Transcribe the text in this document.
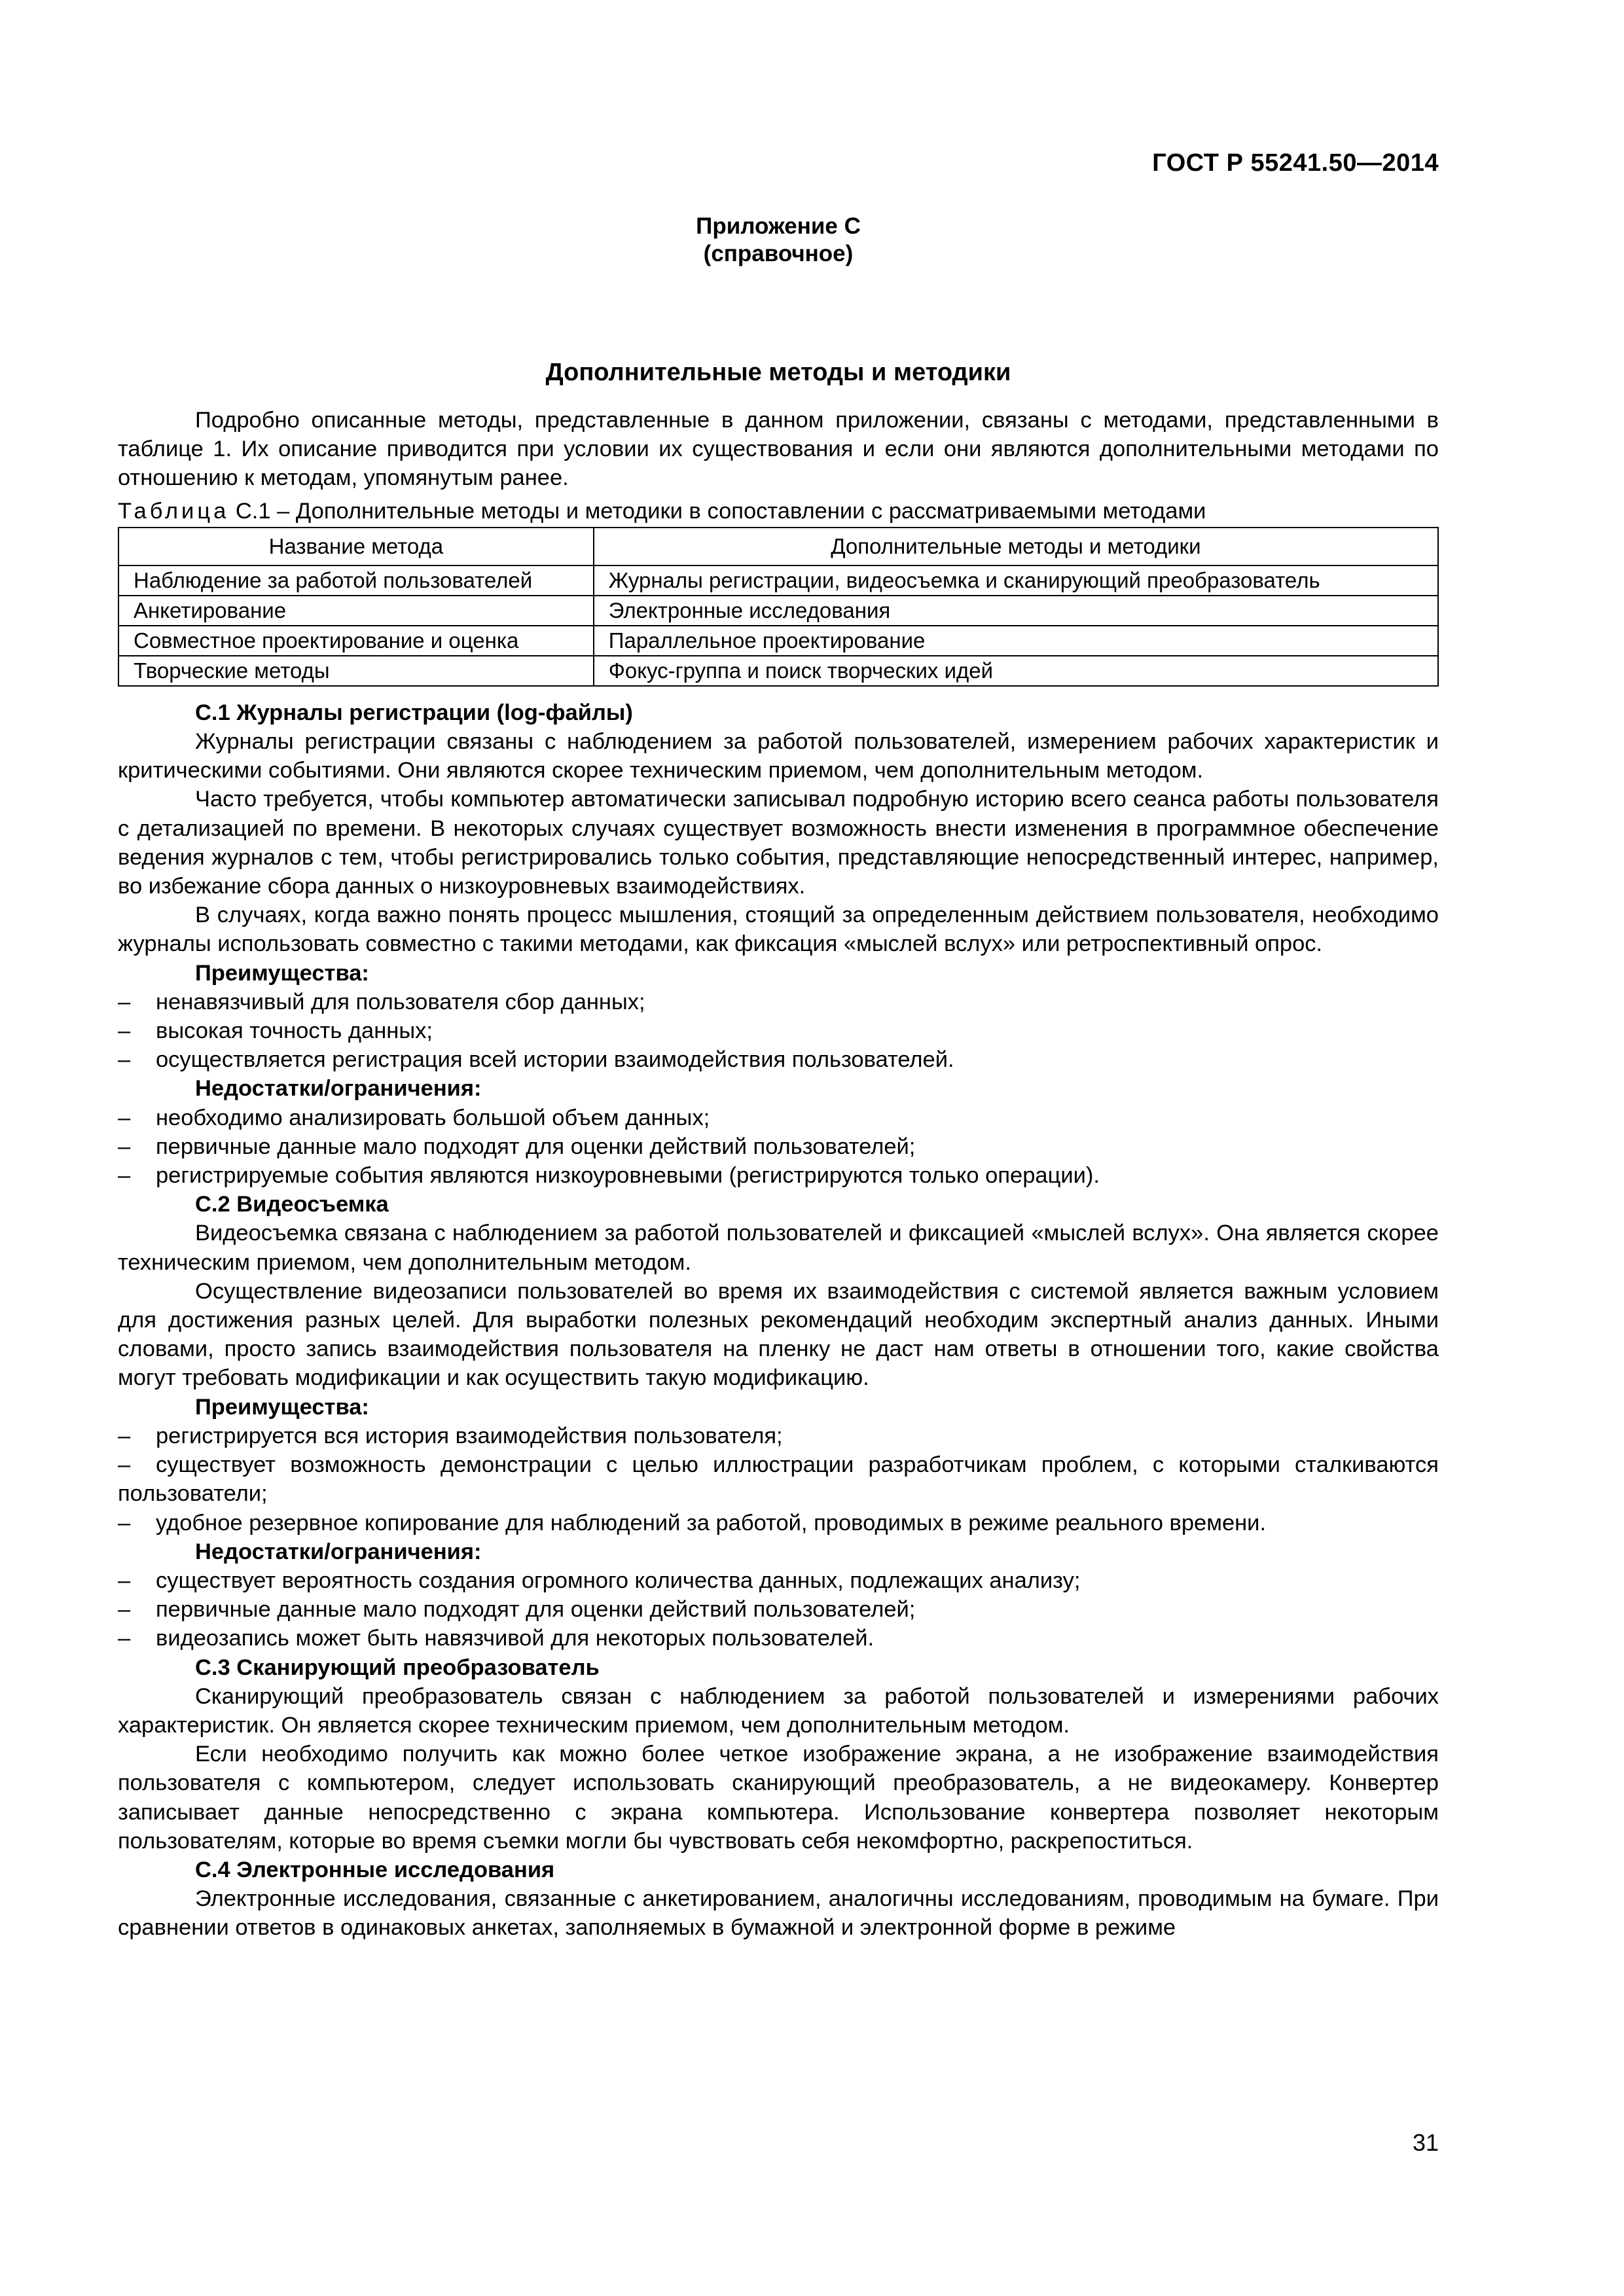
ГОСТ Р 55241.50—2014
Приложение С
(справочное)
Дополнительные методы и методики

Подробно описанные методы, представленные в данном приложении, связаны с методами, представленными в таблице 1. Их описание приводится при условии их существования и если они являются дополнительными методами по отношению к методам, упомянутым ранее.

Таблица С.1 – Дополнительные методы и методики в сопоставлении с рассматриваемыми методами

Название метода	Дополнительные методы и методики
Наблюдение за работой пользователей	Журналы регистрации, видеосъемка и сканирующий преобразователь
Анкетирование	Электронные исследования
Совместное проектирование и оценка	Параллельное проектирование
Творческие методы	Фокус-группа и поиск творческих идей

С.1 Журналы регистрации (log-файлы)

Журналы регистрации связаны с наблюдением за работой пользователей, измерением рабочих характеристик и критическими событиями. Они являются скорее техническим приемом, чем дополнительным методом.

Часто требуется, чтобы компьютер автоматически записывал подробную историю всего сеанса работы пользователя с детализацией по времени. В некоторых случаях существует возможность внести изменения в программное обеспечение ведения журналов с тем, чтобы регистрировались только события, представляющие непосредственный интерес, например, во избежание сбора данных о низкоуровневых взаимодействиях.

В случаях, когда важно понять процесс мышления, стоящий за определенным действием пользователя, необходимо журналы использовать совместно с такими методами, как фиксация «мыслей вслух» или ретроспективный опрос.

Преимущества:

– ненавязчивый для пользователя сбор данных;

– высокая точность данных;

– осуществляется регистрация всей истории взаимодействия пользователей.

Недостатки/ограничения:

– необходимо анализировать большой объем данных;

– первичные данные мало подходят для оценки действий пользователей;

– регистрируемые события являются низкоуровневыми (регистрируются только операции).

С.2 Видеосъемка

Видеосъемка связана с наблюдением за работой пользователей и фиксацией «мыслей вслух». Она является скорее техническим приемом, чем дополнительным методом.

Осуществление видеозаписи пользователей во время их взаимодействия с системой является важным условием для достижения разных целей. Для выработки полезных рекомендаций необходим экспертный анализ данных. Иными словами, просто запись взаимодействия пользователя на пленку не даст нам ответы в отношении того, какие свойства могут требовать модификации и как осуществить такую модификацию.

Преимущества:

– регистрируется вся история взаимодействия пользователя;

– существует возможность демонстрации с целью иллюстрации разработчикам проблем, с которыми сталкиваются пользователи;

– удобное резервное копирование для наблюдений за работой, проводимых в режиме реального времени.

Недостатки/ограничения:

– существует вероятность создания огромного количества данных, подлежащих анализу;

– первичные данные мало подходят для оценки действий пользователей;

– видеозапись может быть навязчивой для некоторых пользователей.

С.3 Сканирующий преобразователь

Сканирующий преобразователь связан с наблюдением за работой пользователей и измерениями рабочих характеристик. Он является скорее техническим приемом, чем дополнительным методом.

Если необходимо получить как можно более четкое изображение экрана, а не изображение взаимодействия пользователя с компьютером, следует использовать сканирующий преобразователь, а не видеокамеру. Конвертер записывает данные непосредственно с экрана компьютера. Использование конвертера позволяет некоторым пользователям, которые во время съемки могли бы чувствовать себя некомфортно, раскрепоститься.

С.4 Электронные исследования

Электронные исследования, связанные с анкетированием, аналогичны исследованиям, проводимым на бумаге. При сравнении ответов в одинаковых анкетах, заполняемых в бумажной и электронной форме в режиме

31
